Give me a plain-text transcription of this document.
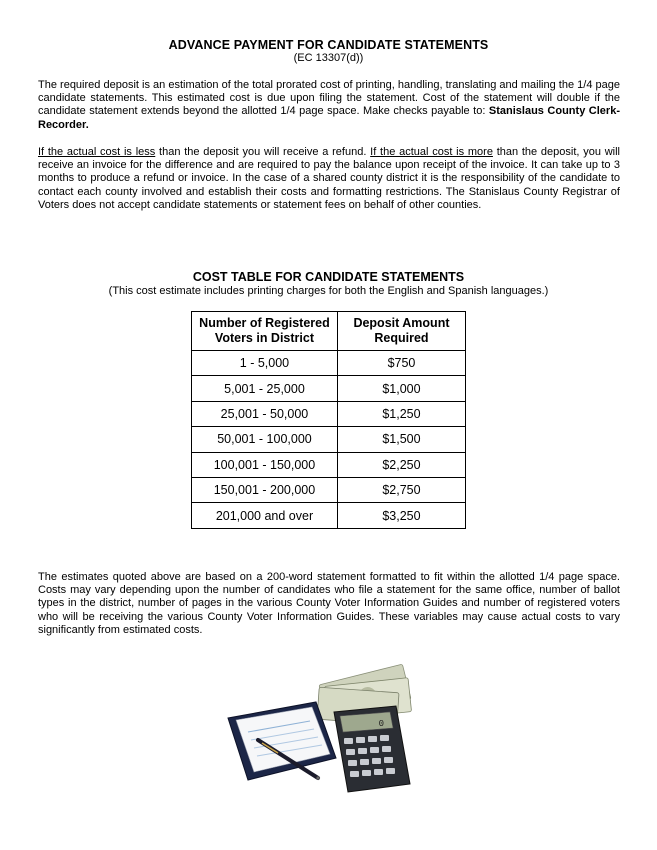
ADVANCE PAYMENT FOR CANDIDATE STATEMENTS
(EC 13307(d))
The required deposit is an estimation of the total prorated cost of printing, handling, translating and mailing the 1/4 page candidate statements. This estimated cost is due upon filing the statement. Cost of the statement will double if the candidate statement extends beyond the allotted 1/4 page space. Make checks payable to: Stanislaus County Clerk-Recorder.
If the actual cost is less than the deposit you will receive a refund. If the actual cost is more than the deposit, you will receive an invoice for the difference and are required to pay the balance upon receipt of the invoice. It can take up to 3 months to produce a refund or invoice. In the case of a shared county district it is the responsibility of the candidate to contact each county involved and establish their costs and formatting restrictions. The Stanislaus County Registrar of Voters does not accept candidate statements or statement fees on behalf of other counties.
COST TABLE FOR CANDIDATE STATEMENTS
(This cost estimate includes printing charges for both the English and Spanish languages.)
Number of Registered Voters in District	Deposit Amount Required
1 - 5,000	$750
5,001 - 25,000	$1,000
25,001 - 50,000	$1,250
50,001 - 100,000	$1,500
100,001 - 150,000	$2,250
150,001 - 200,000	$2,750
201,000 and over	$3,250
The estimates quoted above are based on a 200-word statement formatted to fit within the allotted 1/4 page space. Costs may vary depending upon the number of candidates who file a statement for the same office, number of ballot types in the district, number of pages in the various County Voter Information Guides and number of registered voters who will be receiving the various County Voter Information Guides. These variables may cause actual costs to vary significantly from estimated costs.
0
